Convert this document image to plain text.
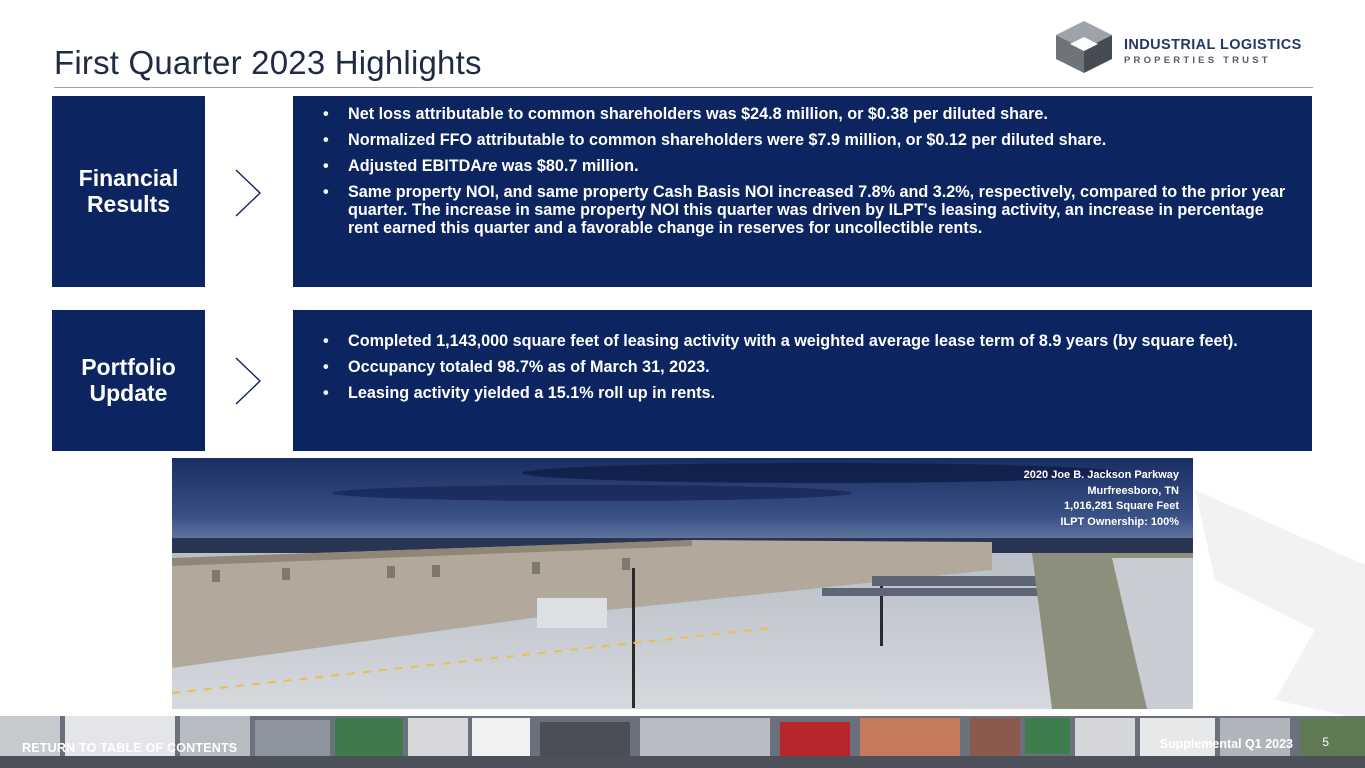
First Quarter 2023 Highlights	INDUSTRIAL LOGISTICS
PROPERTIES TRUST
Financial
Results
• Net loss attributable to common shareholders was $24.8 million, or $0.38 per diluted share.
• Normalized FFO attributable to common shareholders were $7.9 million, or $0.12 per diluted share.
• Adjusted EBITDAre was $80.7 million.
• Same property NOI, and same property Cash Basis NOI increased 7.8% and 3.2%, respectively, compared to the prior year quarter. The increase in same property NOI this quarter was driven by ILPT's leasing activity, an increase in percentage rent earned this quarter and a favorable change in reserves for uncollectible rents.
Portfolio
Update
• Completed 1,143,000 square feet of leasing activity with a weighted average lease term of 8.9 years (by square feet).
• Occupancy totaled 98.7% as of March 31, 2023.
• Leasing activity yielded a 15.1% roll up in rents.
2020 Joe B. Jackson Parkway
Murfreesboro, TN
1,016,281 Square Feet
ILPT Ownership: 100%
RETURN TO TABLE OF CONTENTS	Supplemental Q1 2023 5
